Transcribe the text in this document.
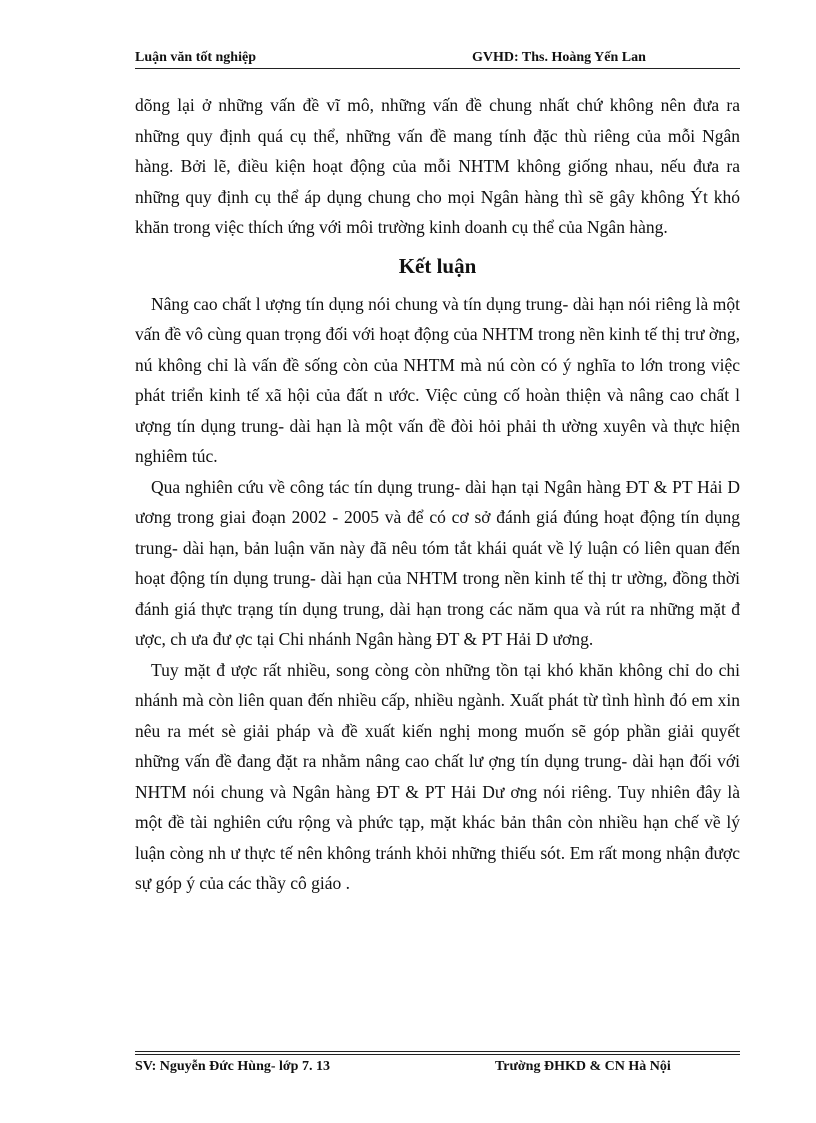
Luận văn tốt nghiệp	GVHD: Ths. Hoàng Yến Lan

dõng lại ở những vấn đề vĩ mô, những vấn đề chung nhất chứ không nên đưa ra những quy định quá cụ thể, những vấn đề mang tính đặc thù riêng của mỗi Ngân hàng. Bởi lẽ, điều kiện hoạt động của mỗi NHTM không giống nhau, nếu đưa ra những quy định cụ thể áp dụng chung cho mọi Ngân hàng thì sẽ gây không Ýt khó khăn trong việc thích ứng với môi trường kinh doanh cụ thể của Ngân hàng.

Kết luận

Nâng cao chất l ượng tín dụng nói chung và tín dụng trung- dài hạn nói riêng là một vấn đề vô cùng quan trọng đối với hoạt động của NHTM trong nền kinh tế thị trư ờng, nú không chỉ là vấn đề sống còn của NHTM mà nú còn có ý nghĩa to lớn trong việc phát triển kinh tế xã hội của đất n ước. Việc củng cố hoàn thiện và nâng cao chất l ượng tín dụng trung- dài hạn là một vấn đề đòi hỏi phải th ường xuyên và thực hiện nghiêm túc.

Qua nghiên cứu về công tác tín dụng trung- dài hạn tại Ngân hàng ĐT & PT Hải D ương trong giai đoạn 2002 - 2005 và để có cơ sở đánh giá đúng hoạt động tín dụng trung- dài hạn, bản luận văn này đã nêu tóm tắt khái quát về lý luận có liên quan đến hoạt động tín dụng trung- dài hạn của NHTM trong nền kinh tế thị tr ường, đồng thời đánh giá thực trạng tín dụng trung, dài hạn trong các năm qua và rút ra những mặt đ ược, ch ưa đư ợc tại Chi nhánh Ngân hàng ĐT & PT Hải D ương.

Tuy mặt đ ược rất nhiều, song còng còn những tồn tại khó khăn không chỉ do chi nhánh mà còn liên quan đến nhiều cấp, nhiều ngành. Xuất phát từ tình hình đó em xin nêu ra mét sè giải pháp và đề xuất kiến nghị mong muốn sẽ góp phần giải quyết những vấn đề đang đặt ra nhằm nâng cao chất lư ợng tín dụng trung- dài hạn đối với NHTM nói chung và Ngân hàng ĐT & PT Hải Dư ơng nói riêng. Tuy nhiên đây là một đề tài nghiên cứu rộng và phức tạp, mặt khác bản thân còn nhiều hạn chế về lý luận còng nh ư thực tế nên không tránh khỏi những thiếu sót. Em rất mong nhận được sự góp ý của các thầy cô giáo .

SV: Nguyễn Đức Hùng- lớp 7. 13	Trường ĐHKD & CN Hà Nội
